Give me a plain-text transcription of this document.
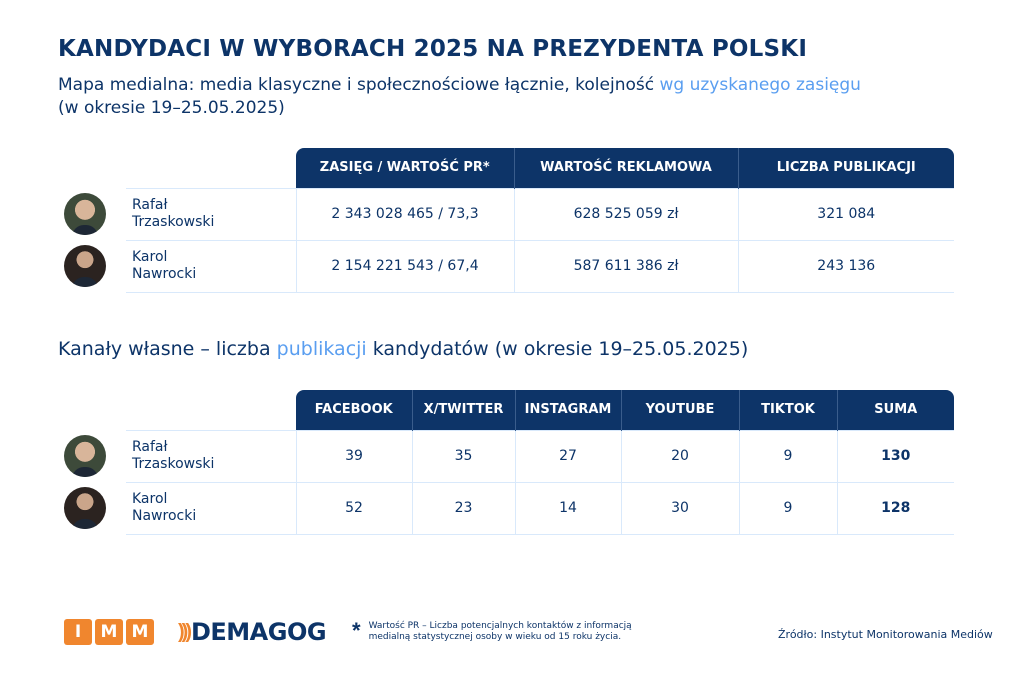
KANDYDACI W WYBORACH 2025 NA PREZYDENTA POLSKI
Mapa medialna: media klasyczne i społecznościowe łącznie, kolejność wg uzyskanego zasięgu
(w okresie 19–25.05.2025)
		ZASIĘG / WARTOŚĆ PR*	WARTOŚĆ REKLAMOWA	LICZBA PUBLIKACJI

	Rafał
Trzaskowski	2 343 028 465 / 73,3	628 525 059 zł	321 084

	Karol
Nawrocki	2 154 221 543 / 67,4	587 611 386 zł	243 136
Kanały własne – liczba publikacji kandydatów (w okresie 19–25.05.2025)
		FACEBOOK	X/TWITTER	INSTAGRAM	YOUTUBE	TIKTOK	SUMA

	Rafał
Trzaskowski	39	35	27	20	9	130

	Karol
Nawrocki	52	23	14	30	9	128
I	M M ))) DEMAGOG * Wartość PR – Liczba potencjalnych kontaktów z informacją medialną statystycznej osoby w wieku od 15 roku życia.	Źródło: Instytut Monitorowania Mediów
